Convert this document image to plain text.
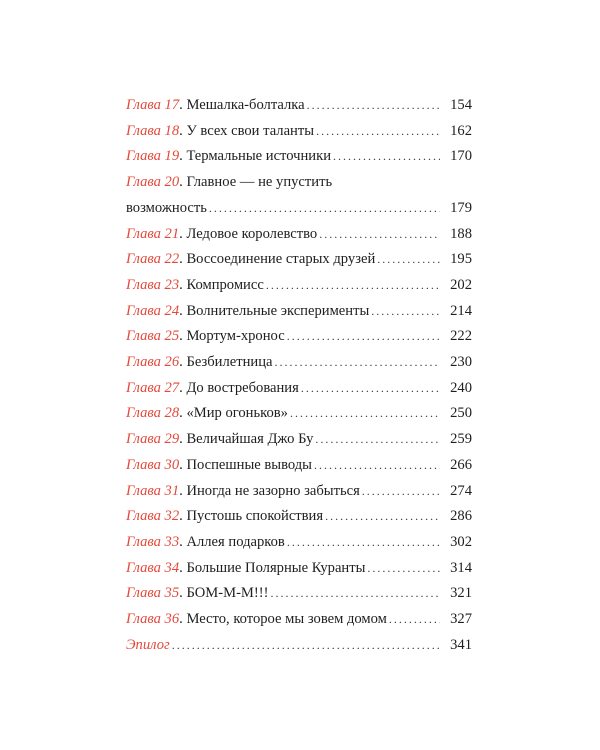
Глава 17 . Мешалка-болталка . . .	154
Глава 18 . У всех свои таланты . . .	162
Глава 19 . Термальные источники . . .	170
Глава 20 . Главное — не упустить
возможность . . .	179
Глава 21 . Ледовое королевство . . .	188
Глава 22 . Воссоединение старых друзей . . .	195
Глава 23 . Компромисс . . .	202
Глава 24 . Волнительные эксперименты . . .	214
Глава 25 . Мортум-хронос . . .	222
Глава 26 . Безбилетница . . .	230
Глава 27 . До востребования . . .	240
Глава 28 . «Мир огоньков» . . .	250
Глава 29 . Величайшая Джо Бу . . .	259
Глава 30 . Поспешные выводы . . .	266
Глава 31 . Иногда не зазорно забыться . . .	274
Глава 32 . Пустошь спокойствия . . .	286
Глава 33 . Аллея подарков . . .	302
Глава 34 . Большие Полярные Куранты . . .	314
Глава 35 . БОМ-М-М!!! . . .	321
Глава 36 . Место, которое мы зовем домом . . .	327
Эпилог . . .	341
